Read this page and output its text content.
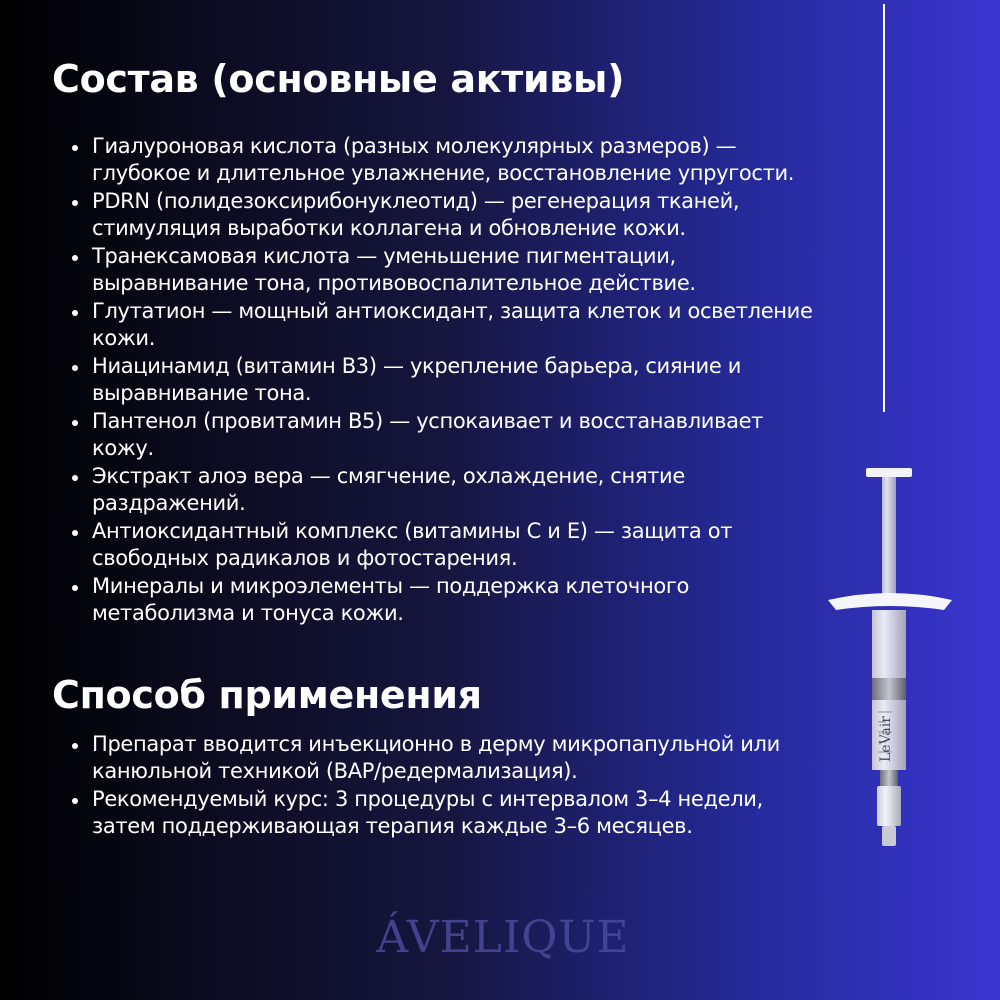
Состав (основные активы)
Гиалуроновая кислота (разных молекулярных размеров) — глубокое и длительное увлажнение, восстановление упругости.
PDRN (полидезоксирибонуклеотид) — регенерация тканей, стимуляция выработки коллагена и обновление кожи.
Транексамовая кислота — уменьшение пигментации, выравнивание тона, противовоспалительное действие.
Глутатион — мощный антиоксидант, защита клеток и осветление кожи.
Ниацинамид (витамин B3) — укрепление барьера, сияние и выравнивание тона.
Пантенол (провитамин B5) — успокаивает и восстанавливает кожу.
Экстракт алоэ вера — смягчение, охлаждение, снятие раздражений.
Антиоксидантный комплекс (витамины C и E) — защита от свободных радикалов и фотостарения.
Минералы и микроэлементы — поддержка клеточного метаболизма и тонуса кожи.
Способ применения
Препарат вводится инъекционно в дерму микропапульной или канюльной техникой (BAP/редермализация).
Рекомендуемый курс: 3 процедуры с интервалом 3–4 недели, затем поддерживающая терапия каждые 3–6 месяцев.
LeVair
ÁVELIQUE
